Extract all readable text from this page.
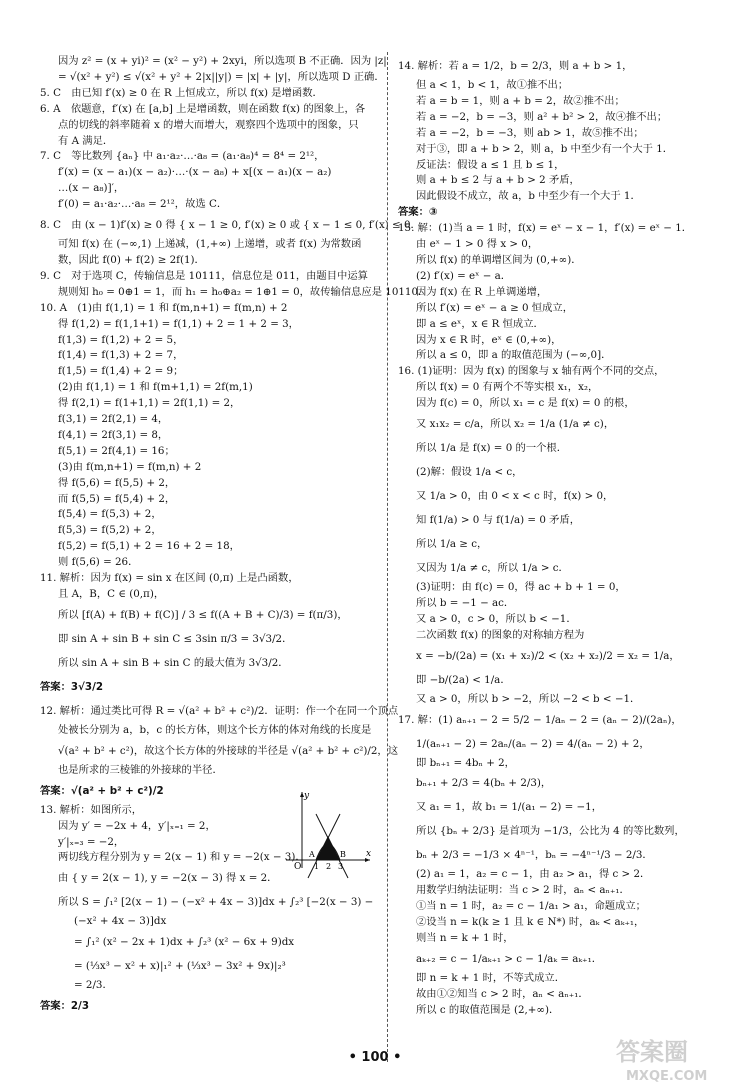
因为 z² = (x + yi)² = (x² − y²) + 2xyi，所以选项 B 不正确．因为 |z|
= √(x² + y²) ≤ √(x² + y² + 2|x||y|) = |x| + |y|，所以选项 D 正确．
5. C　由已知 f′(x) ≥ 0 在 R 上恒成立，所以 f(x) 是增函数．
6. A　依题意，f′(x) 在 [a,b] 上是增函数，则在函数 f(x) 的图象上，各
点的切线的斜率随着 x 的增大而增大，观察四个选项中的图象，只
有 A 满足．
7. C　等比数列 {aₙ} 中 a₁·a₂·…·a₈ = (a₁·a₈)⁴ = 8⁴ = 2¹²，
f′(x) = (x − a₁)(x − a₂)·…·(x − a₈) + x[(x − a₁)(x − a₂)
…(x − a₈)]′，
f′(0) = a₁·a₂·…·a₈ = 2¹²，故选 C．
8. C　由 (x − 1)f′(x) ≥ 0 得 { x − 1 ≥ 0, f′(x) ≥ 0 或 { x − 1 ≤ 0, f′(x) ≤ 0．
可知 f(x) 在 (−∞,1) 上递减，(1,+∞) 上递增，或者 f(x) 为常数函
数，因此 f(0) + f(2) ≥ 2f(1)．
9. C　对于选项 C，传输信息是 10111，信息位是 011，由题目中运算
规则知 h₀ = 0⊕1 = 1，而 h₁ = h₀⊕a₂ = 1⊕1 = 0，故传输信息应是 10110．
10. A　(1)由 f(1,1) = 1 和 f(m,n+1) = f(m,n) + 2
得 f(1,2) = f(1,1+1) = f(1,1) + 2 = 1 + 2 = 3，
f(1,3) = f(1,2) + 2 = 5，
f(1,4) = f(1,3) + 2 = 7，
f(1,5) = f(1,4) + 2 = 9；
(2)由 f(1,1) = 1 和 f(m+1,1) = 2f(m,1)
得 f(2,1) = f(1+1,1) = 2f(1,1) = 2，
f(3,1) = 2f(2,1) = 4，
f(4,1) = 2f(3,1) = 8，
f(5,1) = 2f(4,1) = 16；
(3)由 f(m,n+1) = f(m,n) + 2
得 f(5,6) = f(5,5) + 2，
而 f(5,5) = f(5,4) + 2，
f(5,4) = f(5,3) + 2，
f(5,3) = f(5,2) + 2，
f(5,2) = f(5,1) + 2 = 16 + 2 = 18，
则 f(5,6) = 26．
11. 解析：因为 f(x) = sin x 在区间 (0,π) 上是凸函数，
且 A，B，C ∈ (0,π)，
所以 [f(A) + f(B) + f(C)] / 3 ≤ f((A + B + C)/3) = f(π/3)，
即 sin A + sin B + sin C ≤ 3sin π/3 = 3√3/2．
所以 sin A + sin B + sin C 的最大值为 3√3/2．
答案：3√3/2
12. 解析：通过类比可得 R = √(a² + b² + c²)/2．证明：作一个在同一个顶点
处被长分别为 a，b，c 的长方体，则这个长方体的体对角线的长度是
√(a² + b² + c²)，故这个长方体的外接球的半径是 √(a² + b² + c²)/2，这
也是所求的三棱锥的外接球的半径．
答案：√(a² + b² + c²)/2
13. 解析：如图所示，
因为 y′ = −2x + 4，y′|ₓ₌₁ = 2，
y′|ₓ₌₃ = −2，
两切线方程分别为 y = 2(x − 1) 和 y = −2(x − 3)．
由 { y = 2(x − 1), y = −2(x − 3) 得 x = 2．
所以 S = ∫₁² [2(x − 1) − (−x² + 4x − 3)]dx + ∫₂³ [−2(x − 3) −
(−x² + 4x − 3)]dx
= ∫₁² (x² − 2x + 1)dx + ∫₂³ (x² − 6x + 9)dx
= (⅓x³ − x² + x)|₁² + (⅓x³ − 3x² + 9x)|₂³
= 2/3．
答案：2/3
14. 解析：若 a = 1/2，b = 2/3，则 a + b > 1，
但 a < 1，b < 1，故①推不出；
若 a = b = 1，则 a + b = 2，故②推不出；
若 a = −2，b = −3，则 a² + b² > 2，故④推不出；
若 a = −2，b = −3，则 ab > 1，故⑤推不出；
对于③，即 a + b > 2，则 a，b 中至少有一个大于 1．
反证法：假设 a ≤ 1 且 b ≤ 1，
则 a + b ≤ 2 与 a + b > 2 矛盾，
因此假设不成立，故 a，b 中至少有一个大于 1．
答案：③
15. 解：(1)当 a = 1 时，f(x) = eˣ − x − 1，f′(x) = eˣ − 1．
由 eˣ − 1 > 0 得 x > 0，
所以 f(x) 的单调增区间为 (0,+∞)．
(2) f′(x) = eˣ − a．
因为 f(x) 在 R 上单调递增，
所以 f′(x) = eˣ − a ≥ 0 恒成立，
即 a ≤ eˣ，x ∈ R 恒成立．
因为 x ∈ R 时，eˣ ∈ (0,+∞)，
所以 a ≤ 0，即 a 的取值范围为 (−∞,0]．
16. (1)证明：因为 f(x) 的图象与 x 轴有两个不同的交点，
所以 f(x) = 0 有两个不等实根 x₁，x₂，
因为 f(c) = 0，所以 x₁ = c 是 f(x) = 0 的根，
又 x₁x₂ = c/a，所以 x₂ = 1/a (1/a ≠ c)，
所以 1/a 是 f(x) = 0 的一个根．
(2)解：假设 1/a < c，
又 1/a > 0，由 0 < x < c 时，f(x) > 0，
知 f(1/a) > 0 与 f(1/a) = 0 矛盾，
所以 1/a ≥ c，
又因为 1/a ≠ c，所以 1/a > c．
(3)证明：由 f(c) = 0，得 ac + b + 1 = 0，
所以 b = −1 − ac．
又 a > 0，c > 0，所以 b < −1．
二次函数 f(x) 的图象的对称轴方程为
x = −b/(2a) = (x₁ + x₂)/2 < (x₂ + x₂)/2 = x₂ = 1/a，
即 −b/(2a) < 1/a．
又 a > 0，所以 b > −2，所以 −2 < b < −1．
17. 解：(1) aₙ₊₁ − 2 = 5/2 − 1/aₙ − 2 = (aₙ − 2)/(2aₙ)，
1/(aₙ₊₁ − 2) = 2aₙ/(aₙ − 2) = 4/(aₙ − 2) + 2，
即 bₙ₊₁ = 4bₙ + 2，
bₙ₊₁ + 2/3 = 4(bₙ + 2/3)，
又 a₁ = 1，故 b₁ = 1/(a₁ − 2) = −1，
所以 {bₙ + 2/3} 是首项为 −1/3，公比为 4 的等比数列，
bₙ + 2/3 = −1/3 × 4ⁿ⁻¹，bₙ = −4ⁿ⁻¹/3 − 2/3．
(2) a₁ = 1，a₂ = c − 1，由 a₂ > a₁，得 c > 2．
用数学归纳法证明：当 c > 2 时，aₙ < aₙ₊₁．
①当 n = 1 时，a₂ = c − 1/a₁ > a₁，命题成立；
②设当 n = k(k ≥ 1 且 k ∈ N*) 时，aₖ < aₖ₊₁，
则当 n = k + 1 时，
aₖ₊₂ = c − 1/aₖ₊₁ > c − 1/aₖ = aₖ₊₁．
即 n = k + 1 时，不等式成立．
故由①②知当 c > 2 时，aₙ < aₙ₊₁．
所以 c 的取值范围是 (2,+∞)．
y
x
O
A	B
1 2 3
• 100 •	答案圈
MXQE.COM
